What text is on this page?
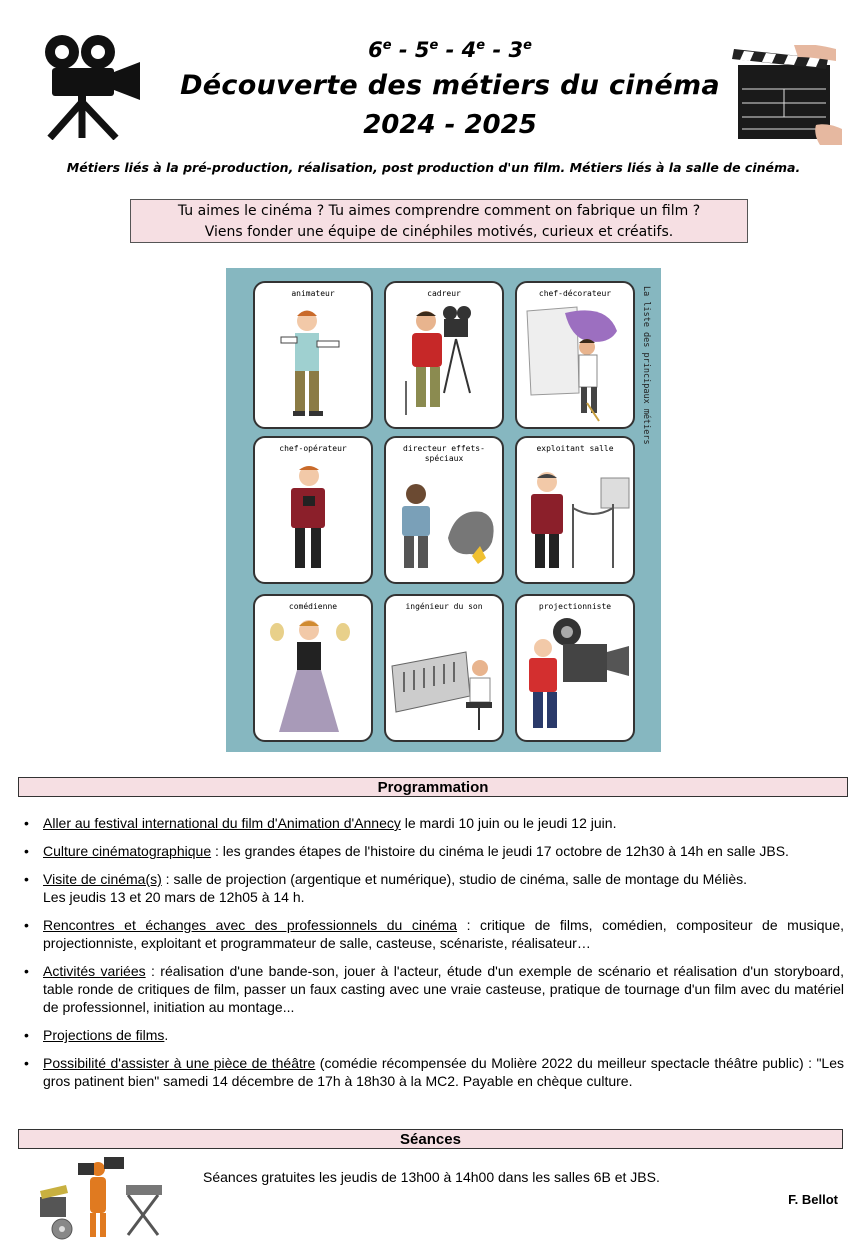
6e - 5e - 4e - 3e
Découverte des métiers du cinéma
2024 - 2025
Métiers liés à la pré-production, réalisation, post production d'un film. Métiers liés à la salle de cinéma.
Tu aimes le cinéma ? Tu aimes comprendre comment on fabrique un film ?
Viens fonder une équipe de cinéphiles motivés, curieux et créatifs.
animateur	cadreur	chef-décorateur
chef-opérateur	directeur effets-spéciaux
exploitant salle
comédienne	ingénieur du son	projectionniste
La liste des principaux métiers
Programmation
• Aller au festival international du film d'Animation d'Annecy le mardi 10 juin ou le jeudi 12 juin.
• Culture cinématographique : les grandes étapes de l'histoire du cinéma le jeudi 17 octobre de 12h30 à 14h en salle JBS.
• Visite de cinéma(s) : salle de projection (argentique et numérique), studio de cinéma, salle de montage du Méliès.
Les jeudis 13 et 20 mars de 12h05 à 14 h.
• Rencontres et échanges avec des professionnels du cinéma : critique de films, comédien, compositeur de musique, projectionniste, exploitant et programmateur de salle, casteuse, scénariste, réalisateur…
• Activités variées : réalisation d'une bande-son, jouer à l'acteur, étude d'un exemple de scénario et réalisation d'un storyboard, table ronde de critiques de film, passer un faux casting avec une vraie casteuse, pratique de tournage d'un film avec du matériel de professionnel, initiation au montage...
• Projections de films.
• Possibilité d'assister à une pièce de théâtre (comédie récompensée du Molière 2022 du meilleur spectacle théâtre public) : "Les gros patinent bien" samedi 14 décembre de 17h à 18h30 à la MC2. Payable en chèque culture.
Séances
Séances gratuites les jeudis de 13h00 à 14h00 dans les salles 6B et JBS.
F. Bellot
